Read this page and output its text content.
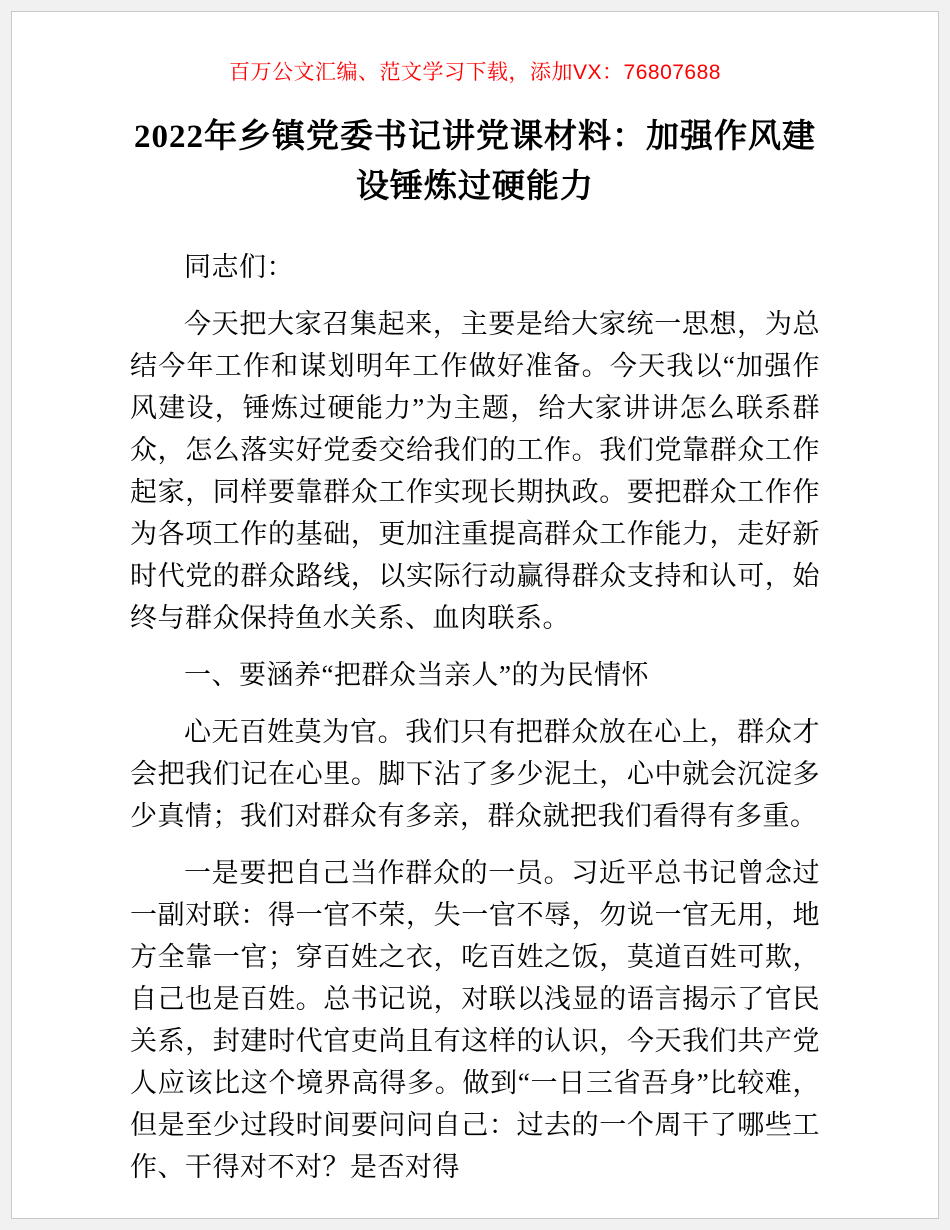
百万公文汇编、范文学习下载，添加VX：76807688
2022年乡镇党委书记讲党课材料：加强作风建
设锤炼过硬能力

同志们：

今天把大家召集起来，主要是给大家统一思想，为总结今年工作和谋划明年工作做好准备。今天我以“加强作风建设，锤炼过硬能力”为主题，给大家讲讲怎么联系群众，怎么落实好党委交给我们的工作。我们党靠群众工作起家，同样要靠群众工作实现长期执政。要把群众工作作为各项工作的基础，更加注重提高群众工作能力，走好新时代党的群众路线，以实际行动赢得群众支持和认可，始终与群众保持鱼水关系、血肉联系。

一、要涵养“把群众当亲人”的为民情怀

心无百姓莫为官。我们只有把群众放在心上，群众才会把我们记在心里。脚下沾了多少泥土，心中就会沉淀多少真情；我们对群众有多亲，群众就把我们看得有多重。

一是要把自己当作群众的一员。习近平总书记曾念过一副对联：得一官不荣，失一官不辱，勿说一官无用，地方全靠一官；穿百姓之衣，吃百姓之饭，莫道百姓可欺，自己也是百姓。总书记说，对联以浅显的语言揭示了官民关系，封建时代官吏尚且有这样的认识，今天我们共产党人应该比这个境界高得多。做到“一日三省吾身”比较难，但是至少过段时间要问问自己：过去的一个周干了哪些工作、干得对不对？是否对得
